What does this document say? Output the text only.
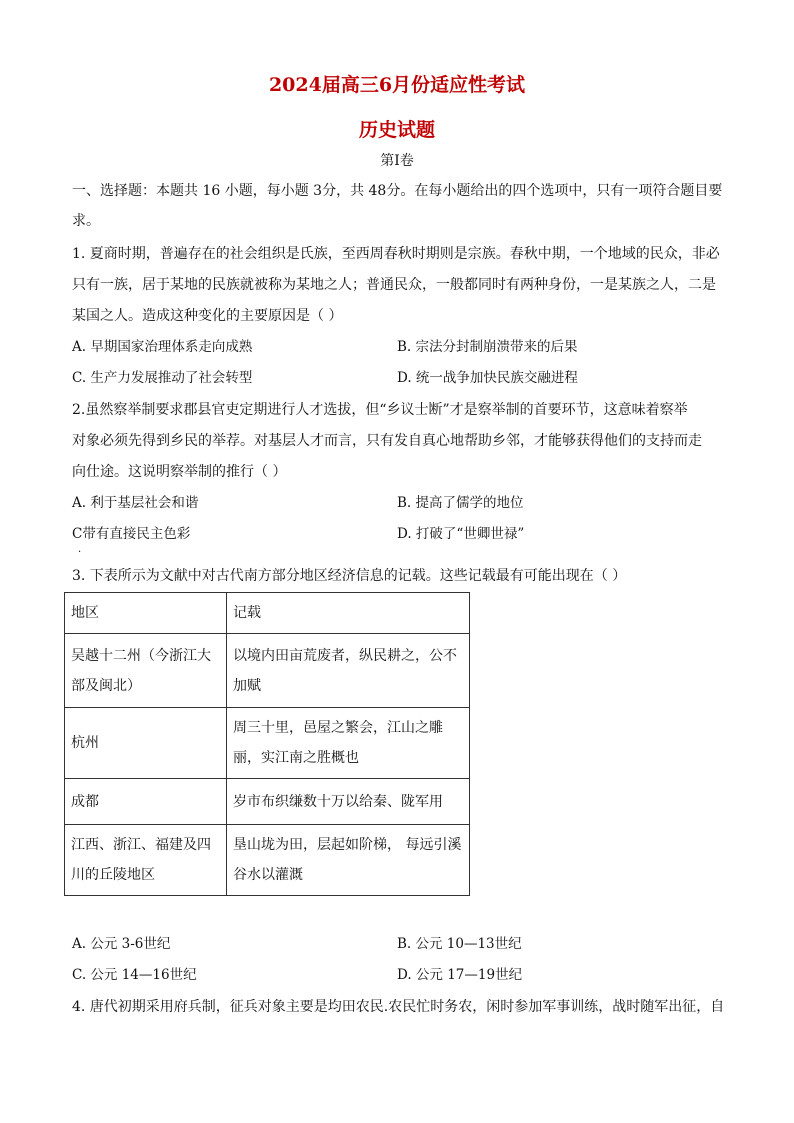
2024届高三6月份适应性考试
历史试题
第Ⅰ卷
一、选择题：本题共 16 小题，每小题 3分，共 48分。在每小题给出的四个选项中，只有一项符合题目要
求。
1. 夏商时期，普遍存在的社会组织是氏族，至西周春秋时期则是宗族。春秋中期，一个地域的民众，非必
只有一族，居于某地的民族就被称为某地之人；普通民众，一般都同时有两种身份，一是某族之人，二是
某国之人。造成这种变化的主要原因是（ ）
A. 早期国家治理体系走向成熟	B. 宗法分封制崩溃带来的后果
C. 生产力发展推动了社会转型	D. 统一战争加快民族交融进程
2.虽然察举制要求郡县官吏定期进行人才选拔，但“乡议士断”才是察举制的首要环节，这意味着察举
对象必须先得到乡民的举荐。对基层人才而言，只有发自真心地帮助乡邻，才能够获得他们的支持而走
向仕途。这说明察举制的推行（ ）
A. 利于基层社会和谐	B. 提高了儒学的地位
C带有直接民主色彩	D. 打破了“世卿世禄”
·
3. 下表所示为文献中对古代南方部分地区经济信息的记载。这些记载最有可能出现在（ ）
地区	记载
吴越十二州（今浙江大部及闽北）	以境内田亩荒废者，纵民耕之，公不加赋
杭州	周三十里，邑屋之繁会，江山之雕丽，实江南之胜概也
成都	岁市布织缣数十万以给秦、陇军用
江西、浙江、福建及四川的丘陵地区	垦山垅为田，层起如阶梯， 每远引溪谷水以灌溉
A. 公元 3-6世纪	B. 公元 10—13世纪
C. 公元 14—16世纪	D. 公元 17—19世纪
4. 唐代初期采用府兵制，征兵对象主要是均田农民.农民忙时务农，闲时参加军事训练，战时随军出征，自
